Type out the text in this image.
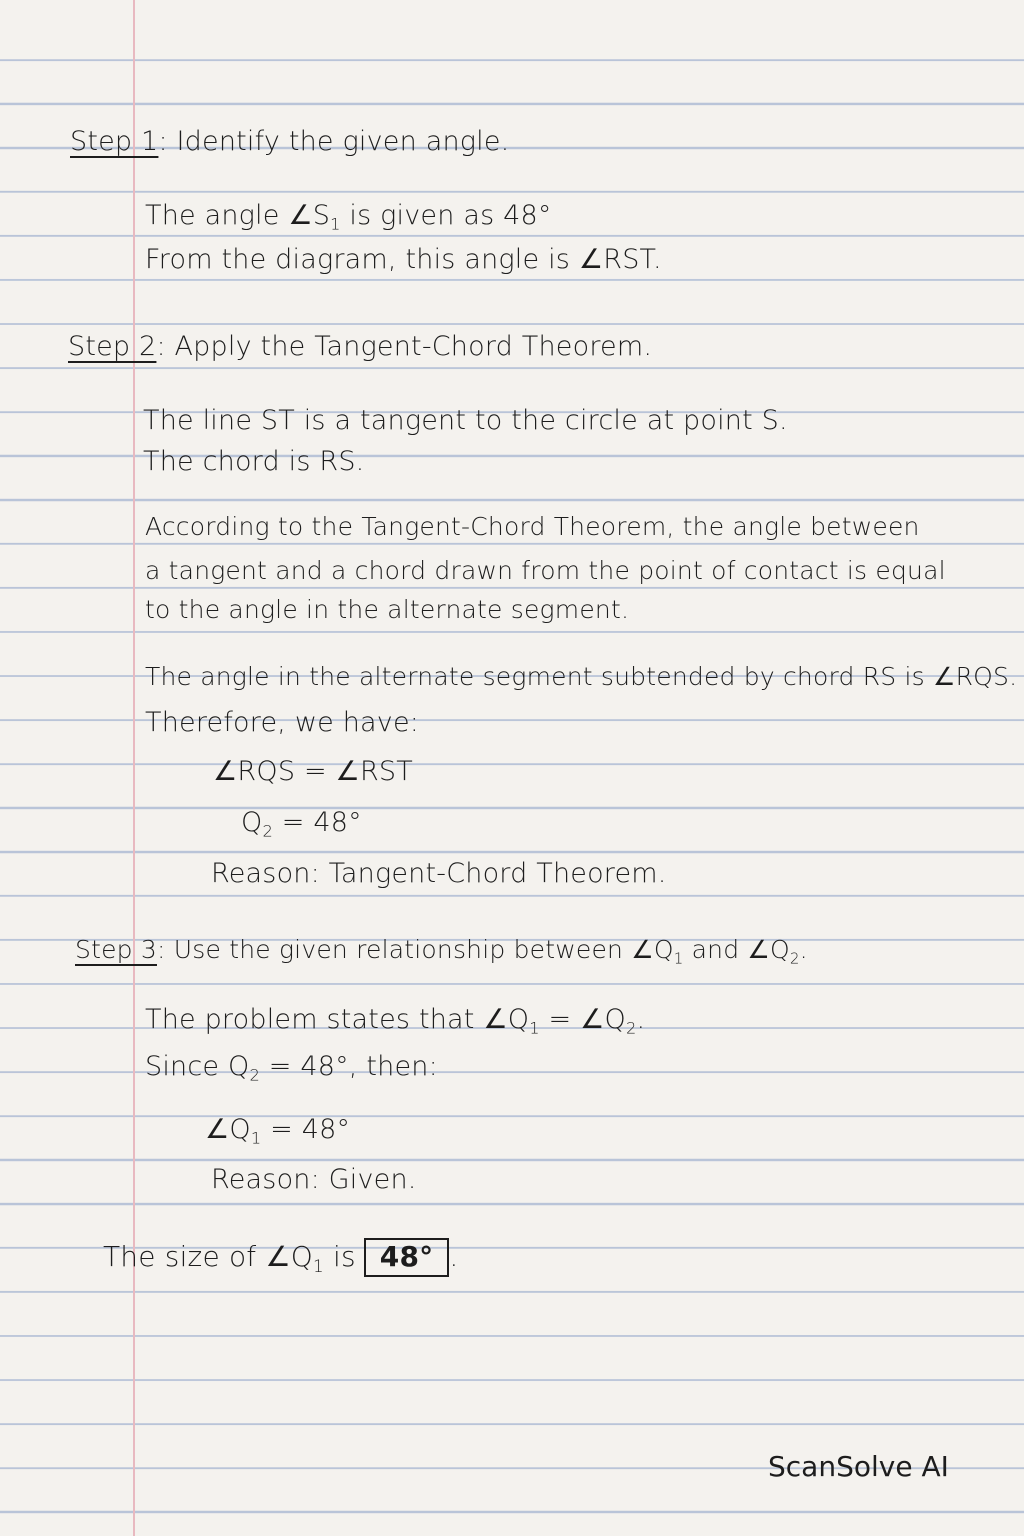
Step 1: Identify the given angle.
The angle $\angle S_1$ is given as 48°
From the diagram, this angle is ∠RST.
Step 2: Apply the Tangent-Chord Theorem.
The line ST is a tangent to the circle at point S.
The chord is RS.
According to the Tangent-Chord Theorem, the angle between
a tangent and a chord drawn from the point of contact is equal
to the angle in the alternate segment.
The angle in the alternate segment subtended by chord RS is ∠RQS.
Therefore, we have:
∠RQS = ∠RST
$Q_2 = 48^\circ$
Reason: Tangent-Chord Theorem.
Step 3: Use the given relationship between $\angle Q_1$ and $\angle Q_2$.
The problem states that $\angle Q_1$ = $\angle Q_2$.
Since $Q_2 = 48^\circ$, then:
$\angle Q_1 = 48^\circ$
Reason: Given.
The size of $\angle Q_1$ is 48° .
ScanSolve AI
